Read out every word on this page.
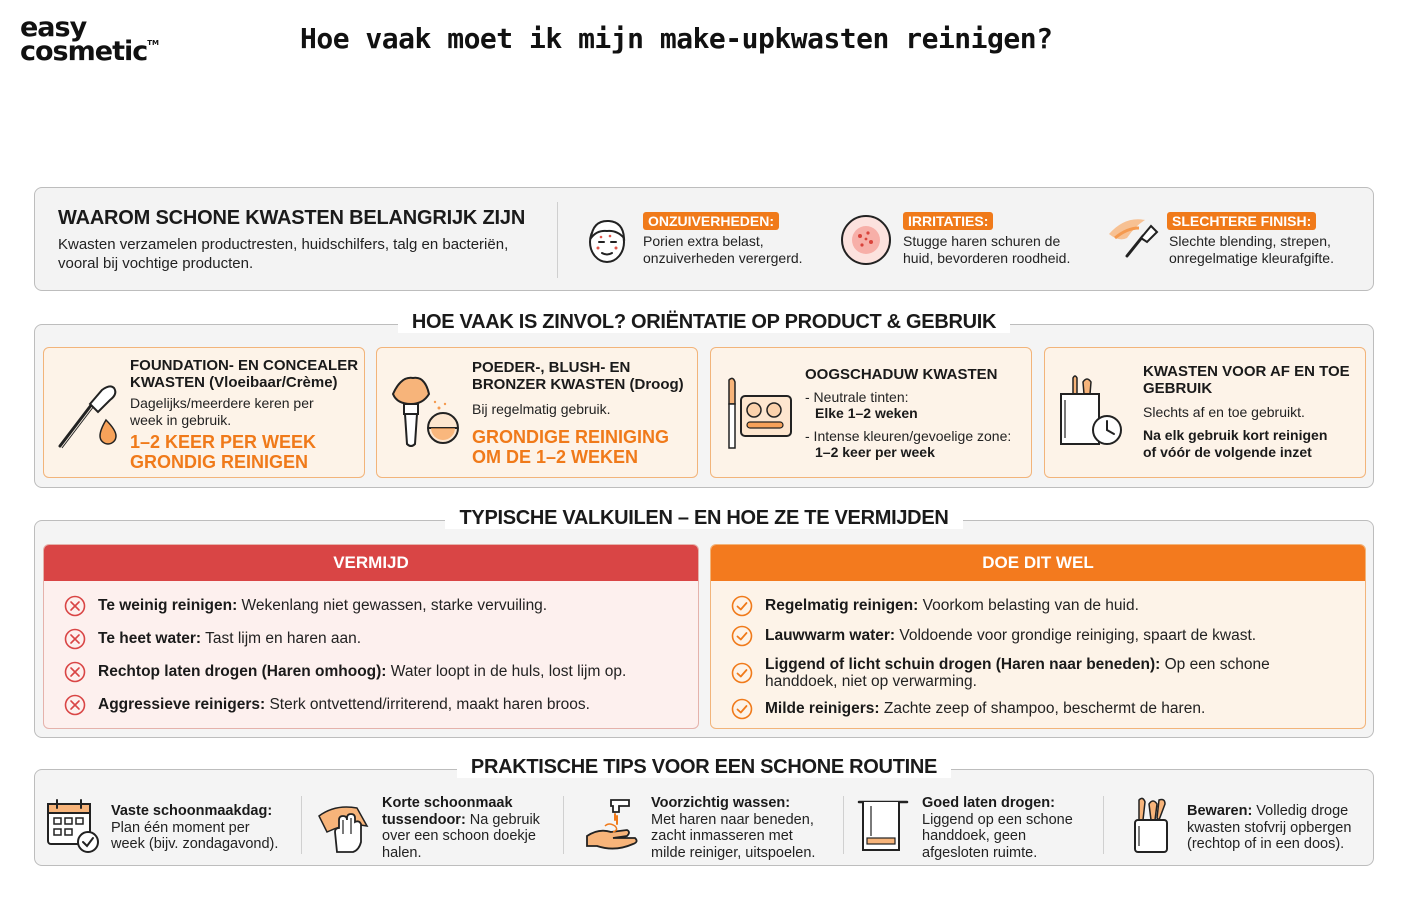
easy
cosmetic™	Hoe vaak moet ik mijn make-upkwasten reinigen?
WAAROM SCHONE KWASTEN BELANGRIJK ZIJN
Kwasten verzamelen productresten, huidschilfers, talg en bacteriën, vooral bij vochtige producten.
ONZUIVERHEDEN:
Porien extra belast,
onzuiverheden verergerd.
IRRITATIES:
Stugge haren schuren de
huid, bevorderen roodheid.
SLECHTERE FINISH:
Slechte blending, strepen,
onregelmatige kleurafgifte.
HOE VAAK IS ZINVOL? ORIËNTATIE OP PRODUCT & GEBRUIK
FOUNDATION- EN CONCEALER
KWASTEN (Vloeibaar/Crème)
Dagelijks/meerdere keren per
week in gebruik.
1–2 KEER PER WEEK
GRONDIG REINIGEN
POEDER-, BLUSH- EN
BRONZER KWASTEN (Droog)
Bij regelmatig gebruik.
GRONDIGE REINIGING
OM DE 1–2 WEKEN
OOGSCHADUW KWASTEN
- Neutrale tinten:
Elke 1–2 weken
- Intense kleuren/gevoelige zone:
1–2 keer per week
KWASTEN VOOR AF EN TOE
GEBRUIK
Slechts af en toe gebruikt.
Na elk gebruik kort reinigen
of vóór de volgende inzet
TYPISCHE VALKUILEN – EN HOE ZE TE VERMIJDEN
VERMIJD
Te weinig reinigen: Wekenlang niet gewassen, starke vervuiling.
Te heet water: Tast lijm en haren aan.
Rechtop laten drogen (Haren omhoog): Water loopt in de huls, lost lijm op.
Aggressieve reinigers: Sterk ontvettend/irriterend, maakt haren broos.
DOE DIT WEL
Regelmatig reinigen: Voorkom belasting van de huid.
Lauwwarm water: Voldoende voor grondige reiniging, spaart de kwast.
Liggend of licht schuin drogen (Haren naar beneden): Op een schone
handdoek, niet op verwarming.
Milde reinigers: Zachte zeep of shampoo, beschermt de haren.
PRAKTISCHE TIPS VOOR EEN SCHONE ROUTINE
Vaste schoonmaakdag:
Plan één moment per
week (bijv. zondagavond).
Korte schoonmaak
tussendoor: Na gebruik
over een schoon doekje
halen.
Voorzichtig wassen:
Met haren naar beneden,
zacht inmasseren met
milde reiniger, uitspoelen.
Goed laten drogen:
Liggend op een schone
handdoek, geen
afgesloten ruimte.
Bewaren: Volledig droge
kwasten stofvrij opbergen
(rechtop of in een doos).
